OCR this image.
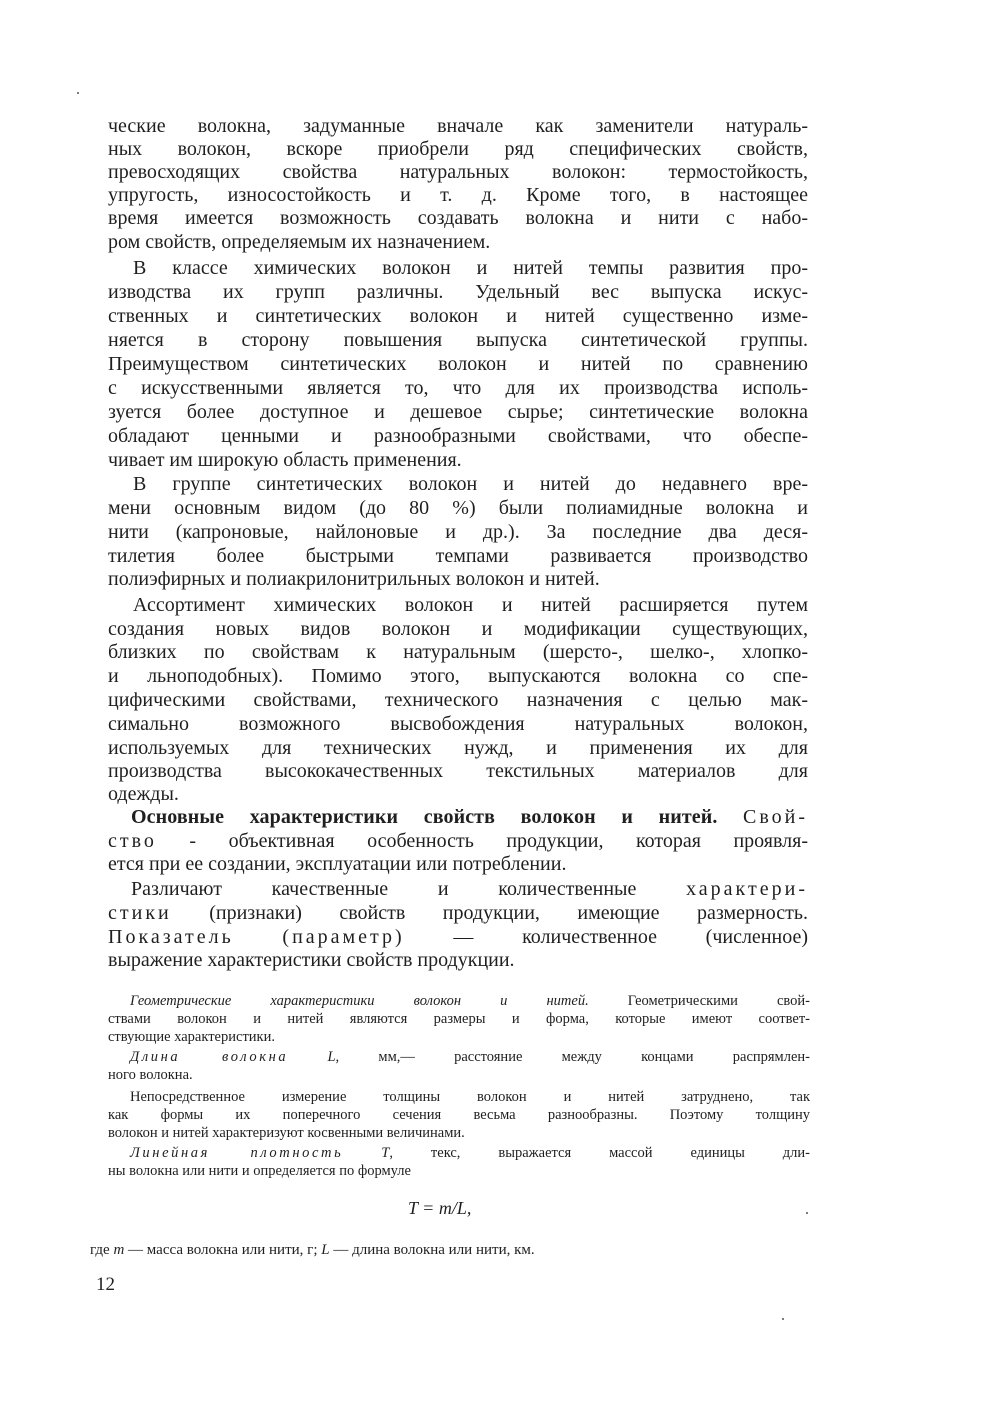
ческие волокна, задуманные вначале как заменители натураль-
ных волокон, вскоре приобрели ряд специфических свойств,
превосходящих свойства натуральных волокон: термостойкость,
упругость, износостойкость и т. д. Кроме того, в настоящее
время имеется возможность создавать волокна и нити с набо-
ром свойств, определяемым их назначением.
В классе химических волокон и нитей темпы развития про-
изводства их групп различны. Удельный вес выпуска искус-
ственных и синтетических волокон и нитей существенно изме-
няется в сторону повышения выпуска синтетической группы.
Преимуществом синтетических волокон и нитей по сравнению
с искусственными является то, что для их производства исполь-
зуется более доступное и дешевое сырье; синтетические волокна
обладают ценными и разнообразными свойствами, что обеспе-
чивает им широкую область применения.
В группе синтетических волокон и нитей до недавнего вре-
мени основным видом (до 80 %) были полиамидные волокна и
нити (капроновые, найлоновые и др.). За последние два деся-
тилетия более быстрыми темпами развивается производство
полиэфирных и полиакрилонитрильных волокон и нитей.
Ассортимент химических волокон и нитей расширяется путем
создания новых видов волокон и модификации существующих,
близких по свойствам к натуральным (шерсто-, шелко-, хлопко-
и льноподобных). Помимо этого, выпускаются волокна со спе-
цифическими свойствами, технического назначения с целью мак-
симально возможного высвобождения натуральных волокон,
используемых для технических нужд, и применения их для
производства высококачественных текстильных материалов для
одежды.
Основные характеристики свойств волокон и нитей. Свой-
ство - объективная особенность продукции, которая проявля-
ется при ее создании, эксплуатации или потреблении.
Различают качественные и количественные характери-
стики (признаки) свойств продукции, имеющие размерность.
Показатель (параметр) — количественное (численное)
выражение характеристики свойств продукции.
Геометрические характеристики волокон и нитей. Геометрическими свой-
ствами волокон и нитей являются размеры и форма, которые имеют соответ-
ствующие характеристики.
Длина волокна	L, мм,— расстояние между концами распрямлен-
ного волокна.
Непосредственное измерение толщины волокон и нитей затруднено, так
как формы их поперечного сечения весьма разнообразны. Поэтому толщину
волокон и нитей характеризуют косвенными величинами.
Линейная плотность	T, текс, выражается массой единицы дли-
ны волокна или нити и определяется по формуле
T = m/L,
где m — масса волокна или нити, г; L — длина волокна или нити, км.
12
